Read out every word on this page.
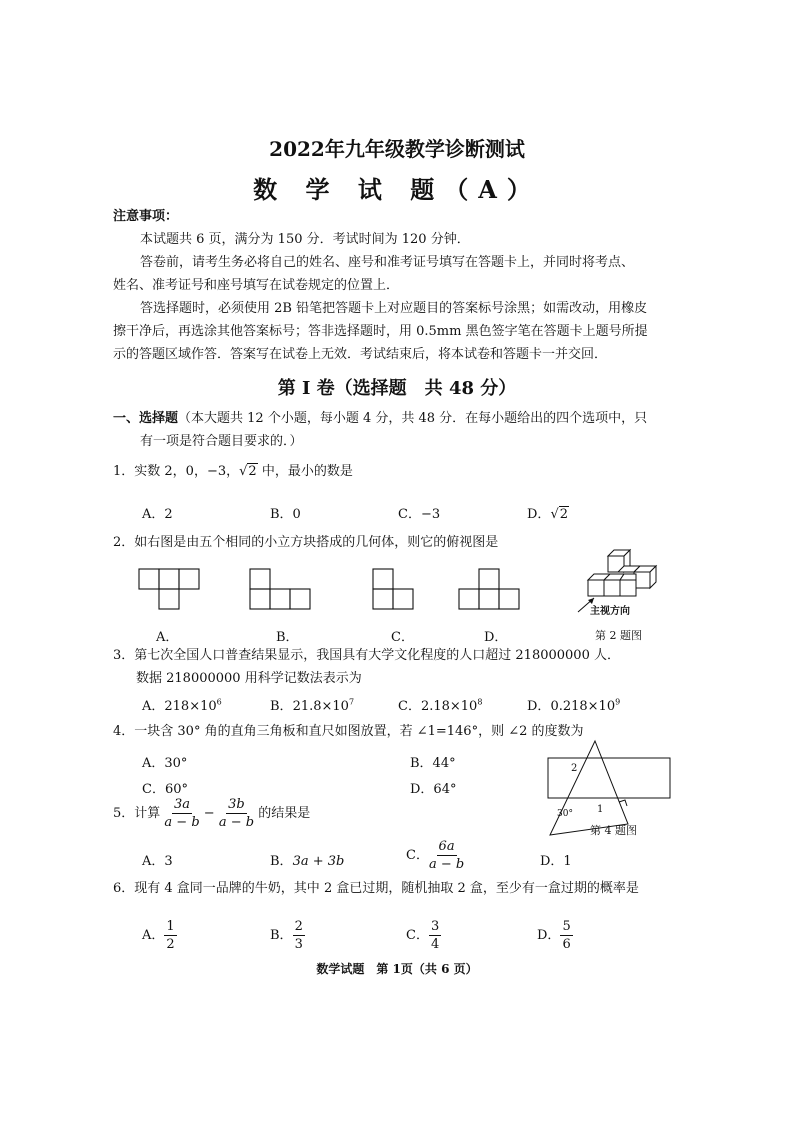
2022年九年级教学诊断测试
数 学 试 题（A）
注意事项：
本试题共 6 页，满分为 150 分．考试时间为 120 分钟．
答卷前，请考生务必将自己的姓名、座号和准考证号填写在答题卡上，并同时将考点、
姓名、准考证号和座号填写在试卷规定的位置上．
答选择题时，必须使用 2B 铅笔把答题卡上对应题目的答案标号涂黑；如需改动，用橡皮
擦干净后，再选涂其他答案标号；答非选择题时，用 0.5mm 黑色签字笔在答题卡上题号所提
示的答题区域作答．答案写在试卷上无效．考试结束后，将本试卷和答题卡一并交回．
第 I 卷（选择题　共 48 分）
一、选择题（本大题共 12 个小题，每小题 4 分，共 48 分．在每小题给出的四个选项中，只
有一项是符合题目要求的．）
1．实数 2，0，−3，√2 中，最小的数是
A．2	B．0	C．−3	D．√2
2．如右图是由五个相同的小立方块搭成的几何体，则它的俯视图是
主视方向
A．	B．	C．	D．	第 2 题图
3．第七次全国人口普查结果显示，我国具有大学文化程度的人口超过 218000000 人．
数据 218000000 用科学记数法表示为
A．$218\times 10^6$	B．$21.8\times 10^7$	C．$2.18\times 10^8$	D．$0.218\times 10^9$
4．一块含 30° 角的直角三角板和直尺如图放置，若 ∠1=146°，则 ∠2 的度数为
A．30°	B．44°
C．60°	D．64°
2
1
30°
第 4 题图
5．计算 $\frac{3a}{a - b} - \frac{3b}{a - b}$ 的结果是
A．3	B．3a + 3b	C． $\frac{6a}{a - b}$	D．1
6．现有 4 盒同一品牌的牛奶，其中 2 盒已过期，随机抽取 2 盒，至少有一盒过期的概率是
A． $\frac{1}{2}$	B． $\frac{2}{3}$	C． $\frac{3}{4}$	D． $\frac{5}{6}$
数学试题　第 1页（共 6 页）
